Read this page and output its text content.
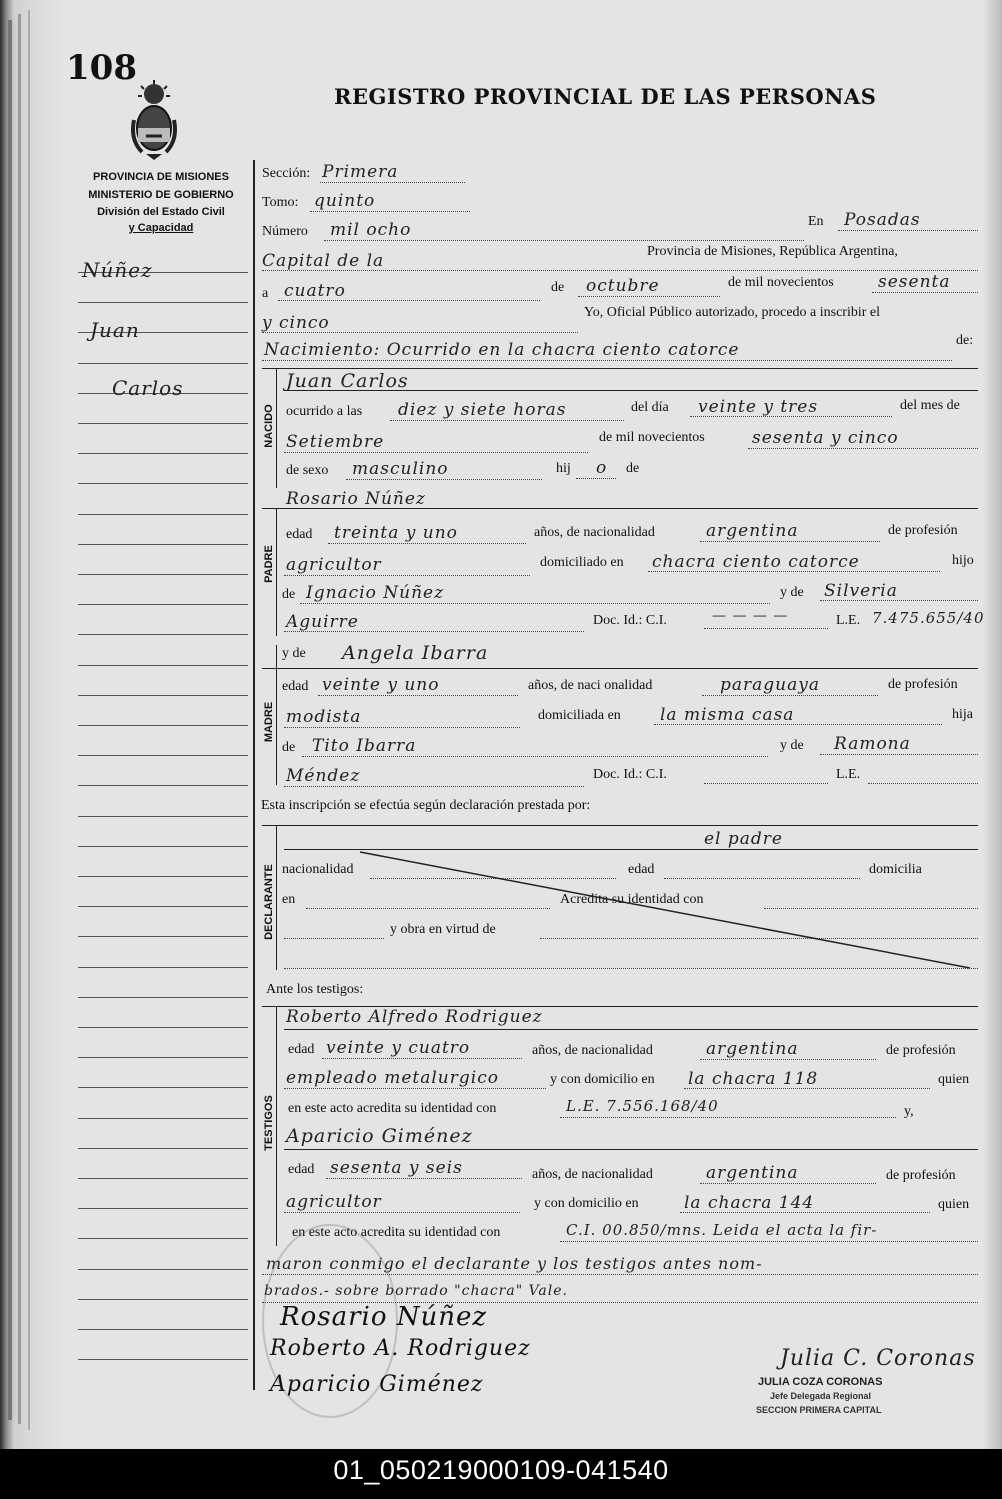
108
REGISTRO PROVINCIAL DE LAS PERSONAS
PROVINCIA DE MISIONES
MINISTERIO DE GOBIERNO
División del Estado Civil
y Capacidad
Núñez
Juan
Carlos
Sección: Primera
Tomo: quinto
Número mil ocho	En Posadas
Provincia de Misiones, República Argentina,
Capital de la
a cuatro	de octubre	de mil novecientos	sesenta
y cinco
Yo, Oficial Público autorizado, procedo a inscribir el
Nacimiento: Ocurrido en la chacra ciento catorce	de:
NACIDO
Juan Carlos
ocurrido a las diez y siete horas	del día veinte y tres	del mes de
Setiembre	de mil novecientos	sesenta y cinco
de sexo masculino	hij o de
PADRE
Rosario Núñez
edad treinta y uno	años, de nacionalidad	argentina	de profesión
agricultor	domiciliado en chacra ciento catorce	hijo
de Ignacio Núñez	y de Silveria
Aguirre	Doc. Id.: C.I.	— — — —	L.E. 7.475.655/40
MADRE
y de Angela Ibarra
edad veinte y uno	años, de naci onalidad	paraguaya	de profesión
modista	domiciliada en la misma casa	hija
de Tito Ibarra	y de Ramona
Méndez	Doc. Id.: C.I.	L.E.
Esta inscripción se efectúa según declaración prestada por:
DECLARANTE
el padre
nacionalidad	edad	domicilia
en	Acredita su identidad con
y obra en virtud de
Ante los testigos:
TESTIGOS
Roberto Alfredo Rodriguez
edad veinte y cuatro	años, de nacionalidad	argentina	de profesión
empleado metalurgico	y con domicilio en la chacra 118	quien
en este acto acredita su identidad con	L.E. 7.556.168/40	y,
Aparicio Giménez
edad sesenta y seis	años, de nacionalidad	argentina	de profesión
agricultor	y con domicilio en	la chacra 144	quien
en este acto acredita su identidad con	C.I. 00.850/mns. Leida el acta la fir-
maron conmigo el declarante y los testigos antes nom-
brados.- sobre borrado "chacra" Vale.
Rosario Núñez
Roberto A. Rodriguez
Aparicio Giménez
Julia C. Coronas
JULIA COZA CORONAS
Jefe Delegada Regional
SECCION PRIMERA CAPITAL
01_050219000109-041540
